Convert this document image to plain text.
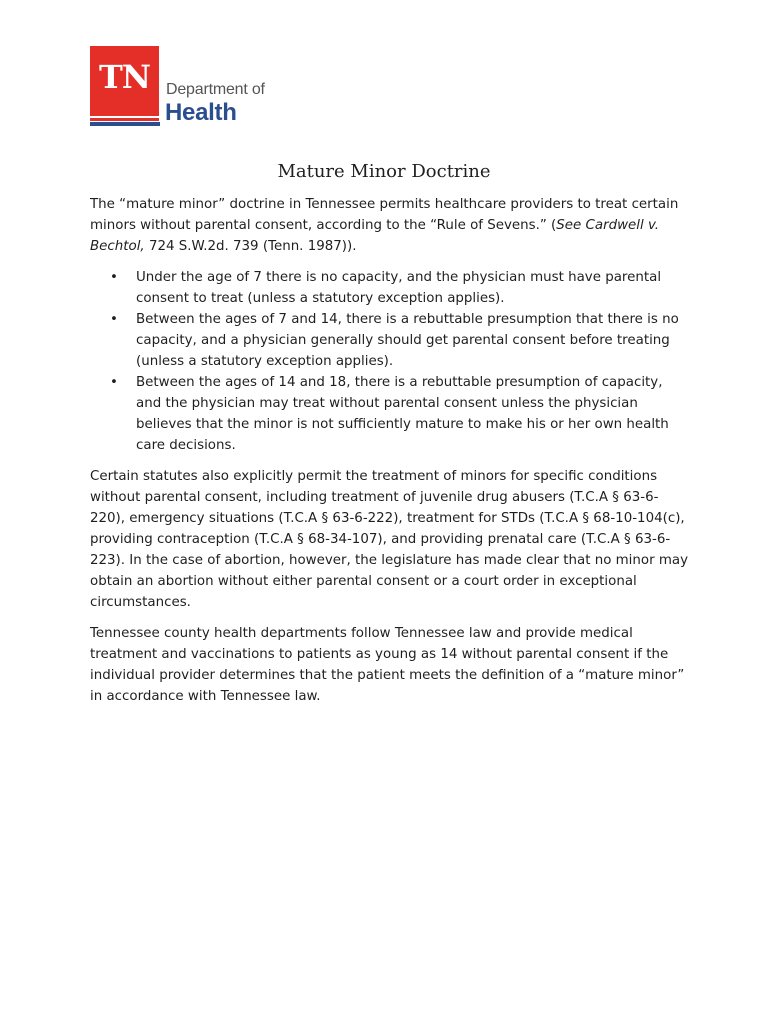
TN Department of
Health
Mature Minor Doctrine

The “mature minor” doctrine in Tennessee permits healthcare providers to treat certain minors without parental consent, according to the “Rule of Sevens.” (See Cardwell v. Bechtol, 724 S.W.2d. 739 (Tenn. 1987)).

• Under the age of 7 there is no capacity, and the physician must have parental consent to treat (unless a statutory exception applies).
• Between the ages of 7 and 14, there is a rebuttable presumption that there is no capacity, and a physician generally should get parental consent before treating (unless a statutory exception applies).
• Between the ages of 14 and 18, there is a rebuttable presumption of capacity, and the physician may treat without parental consent unless the physician believes that the minor is not sufficiently mature to make his or her own health care decisions.

Certain statutes also explicitly permit the treatment of minors for specific conditions without parental consent, including treatment of juvenile drug abusers (T.C.A § 63-6-220), emergency situations (T.C.A § 63-6-222), treatment for STDs (T.C.A § 68-10-104(c), providing contraception (T.C.A § 68-34-107), and providing prenatal care (T.C.A § 63-6-223). In the case of abortion, however, the legislature has made clear that no minor may obtain an abortion without either parental consent or a court order in exceptional circumstances.

Tennessee county health departments follow Tennessee law and provide medical treatment and vaccinations to patients as young as 14 without parental consent if the individual provider determines that the patient meets the definition of a “mature minor” in accordance with Tennessee law.
